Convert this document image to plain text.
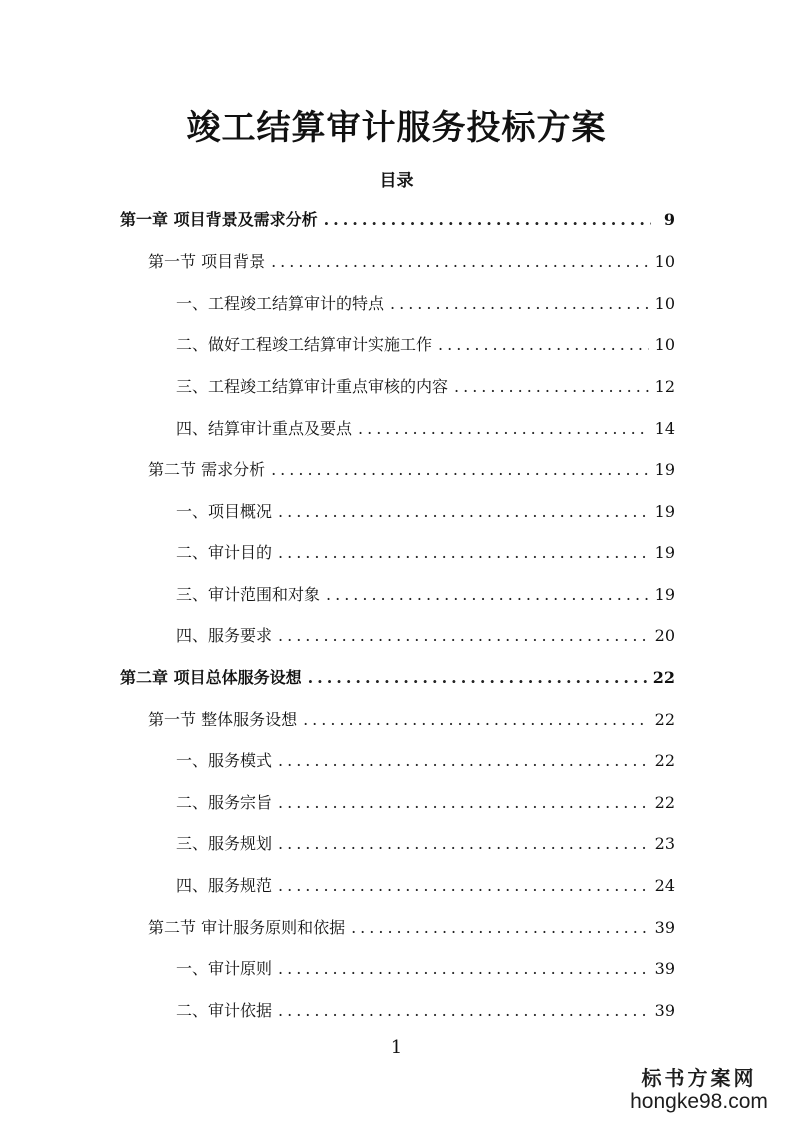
竣工结算审计服务投标方案
目录
第一章 项目背景及需求分析 .....	9
第一节 项目背景 .....	10
一、工程竣工结算审计的特点 .....	10
二、做好工程竣工结算审计实施工作 .....	10
三、工程竣工结算审计重点审核的内容 .....	12
四、结算审计重点及要点 .....	14
第二节 需求分析 .....	19
一、项目概况 .....	19
二、审计目的 .....	19
三、审计范围和对象 .....	19
四、服务要求 .....	20
第二章 项目总体服务设想 .....	22
第一节 整体服务设想 .....	22
一、服务模式 .....	22
二、服务宗旨 .....	22
三、服务规划 .....	23
四、服务规范 .....	24
第二节 审计服务原则和依据 .....	39
一、审计原则 .....	39
二、审计依据 .....	39
1
标书方案网
hongke98.com
